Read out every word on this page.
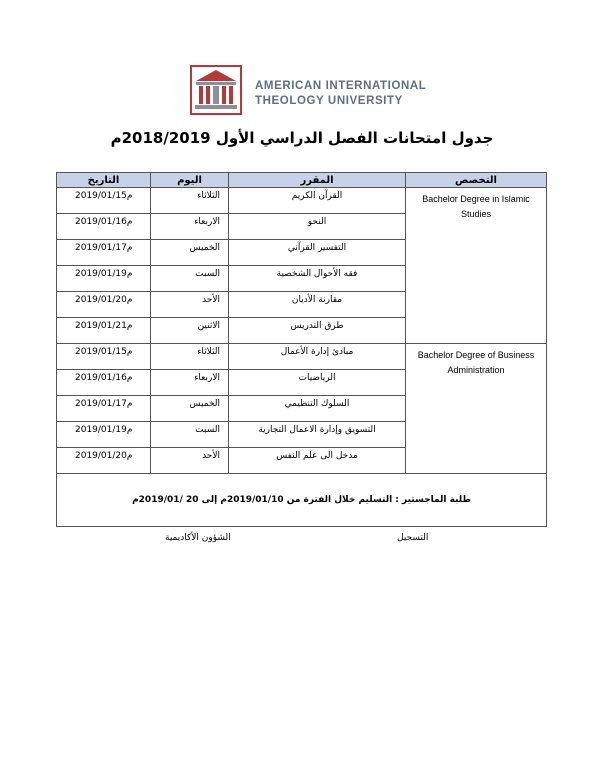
AMERICAN INTERNATIONAL
THEOLOGY UNIVERSITY
جدول امتحانات الفصل الدراسي الأول 2018/2019م
التخصص	المقرر	اليوم	التاريخ
Bachelor Degree in Islamic Studies	القرآن الكريم	الثلاثاء	2019/01/15م
	النحو	الاربعاء	2019/01/16م
	التفسير القرآني	الخميس	2019/01/17م
	فقه الأحوال الشخصية	السبت	2019/01/19م
	مقارنة الأديان	الأحد	2019/01/20م
	طرق التدريس	الاثنين	2019/01/21م
Bachelor Degree of Business Administration	مبادئ إدارة الأعمال	الثلاثاء	2019/01/15م
	الرياضيات	الاربعاء	2019/01/16م
	السلوك التنظيمي	الخميس	2019/01/17م
	التسويق وإدارة الاعمال التجارية	السبت	2019/01/19م
	مدخل الى علم النفس	الأحد	2019/01/20م
طلبة الماجستير : التسليم خلال الفترة من 2019/01/10م إلى 20 /2019/01م			
التسجيل
الشؤون الأكاديمية
